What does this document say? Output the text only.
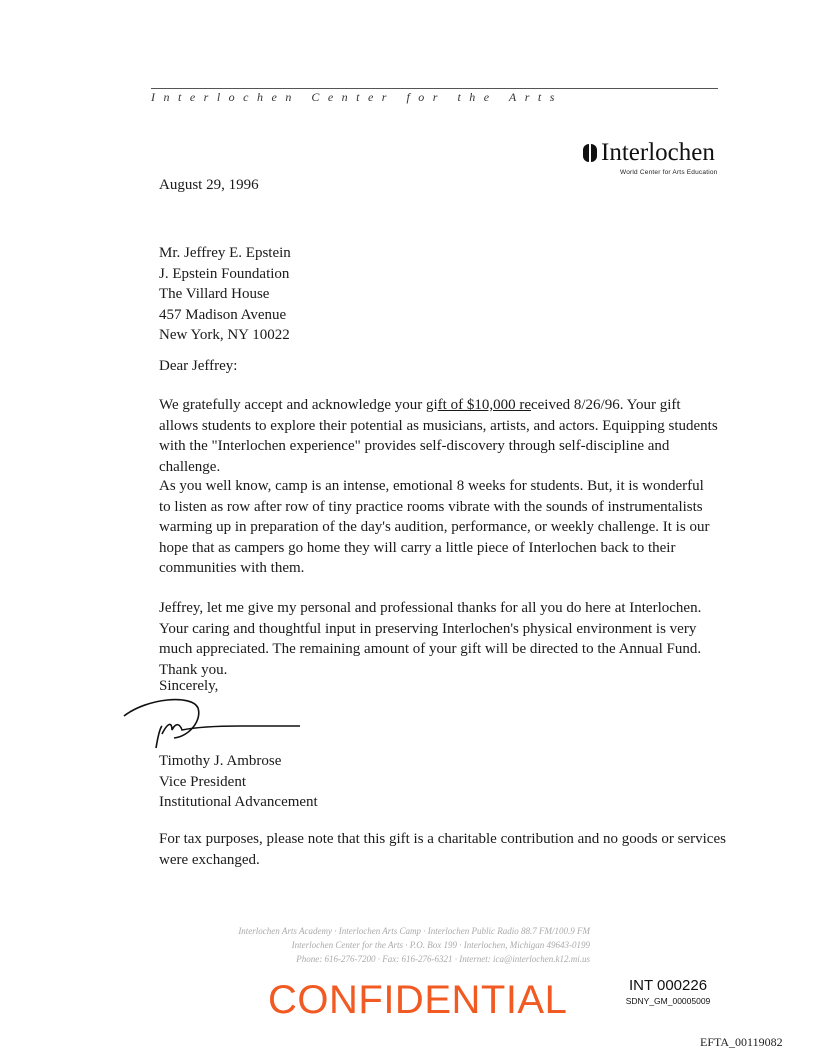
Interlochen Center for the Arts
Interlochen
World Center for Arts Education
August 29, 1996
Mr. Jeffrey E. Epstein
J. Epstein Foundation
The Villard House
457 Madison Avenue
New York, NY 10022
Dear Jeffrey:
We gratefully accept and acknowledge your gift of $10,000 received 8/26/96. Your gift allows students to explore their potential as musicians, artists, and actors. Equipping students with the "Interlochen experience" provides self-discovery through self-discipline and challenge.
As you well know, camp is an intense, emotional 8 weeks for students. But, it is wonderful to listen as row after row of tiny practice rooms vibrate with the sounds of instrumentalists warming up in preparation of the day's audition, performance, or weekly challenge. It is our hope that as campers go home they will carry a little piece of Interlochen back to their communities with them.
Jeffrey, let me give my personal and professional thanks for all you do here at Interlochen. Your caring and thoughtful input in preserving Interlochen's physical environment is very much appreciated. The remaining amount of your gift will be directed to the Annual Fund. Thank you.
Sincerely,
Timothy J. Ambrose
Vice President
Institutional Advancement
For tax purposes, please note that this gift is a charitable contribution and no goods or services were exchanged.
Interlochen Arts Academy · Interlochen Arts Camp · Interlochen Public Radio 88.7 FM/100.9 FM
Interlochen Center for the Arts · P.O. Box 199 · Interlochen, Michigan 49643-0199
Phone: 616-276-7200 · Fax: 616-276-6321 · Internet: ica@interlochen.k12.mi.us
CONFIDENTIAL	INT 000226
SDNY_GM_00005009
EFTA_00119082
